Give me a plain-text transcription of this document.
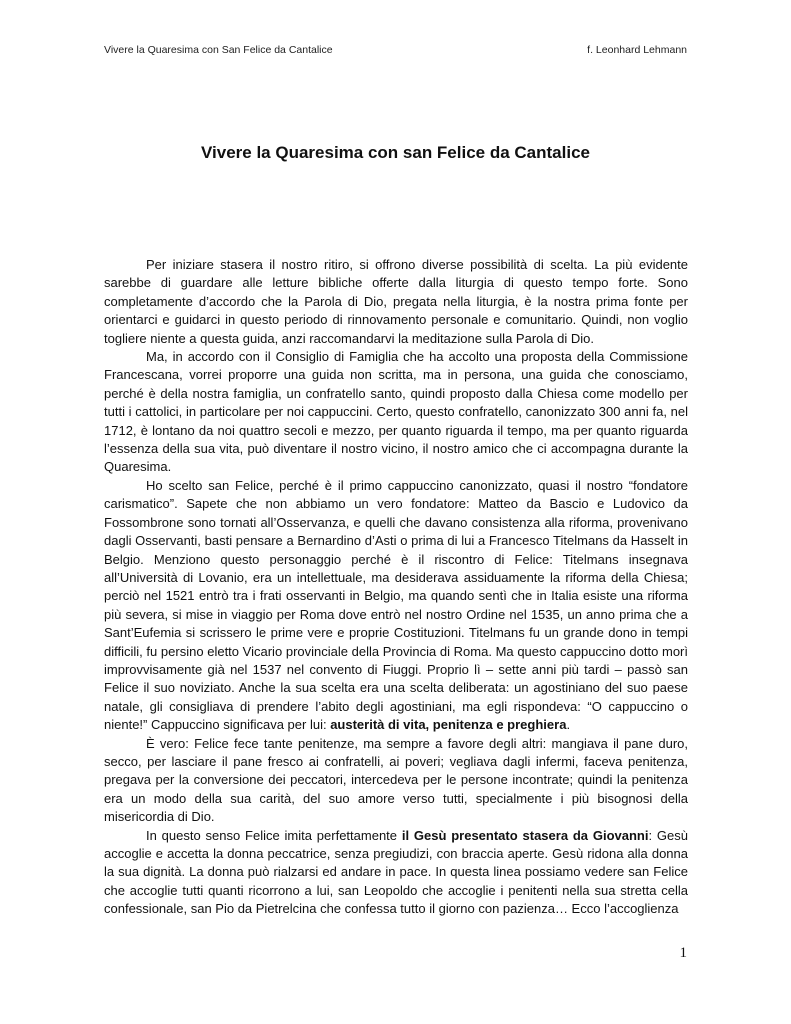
Vivere la Quaresima con San Felice da Cantalice	f. Leonhard Lehmann
Vivere la Quaresima con san Felice da Cantalice

Per iniziare stasera il nostro ritiro, si offrono diverse possibilità di scelta. La più evidente sarebbe di guardare alle letture bibliche offerte dalla liturgia di questo tempo forte. Sono completamente d’accordo che la Parola di Dio, pregata nella liturgia, è la nostra prima fonte per orientarci e guidarci in questo periodo di rinnovamento personale e comunitario. Quindi, non voglio togliere niente a questa guida, anzi raccomandarvi la meditazione sulla Parola di Dio.

Ma, in accordo con il Consiglio di Famiglia che ha accolto una proposta della Commissione Francescana, vorrei proporre una guida non scritta, ma in persona, una guida che conosciamo, perché è della nostra famiglia, un confratello santo, quindi proposto dalla Chiesa come modello per tutti i cattolici, in particolare per noi cappuccini. Certo, questo confratello, canonizzato 300 anni fa, nel 1712, è lontano da noi quattro secoli e mezzo, per quanto riguarda il tempo, ma per quanto riguarda l’essenza della sua vita, può diventare il nostro vicino, il nostro amico che ci accompagna durante la Quaresima.

Ho scelto san Felice, perché è il primo cappuccino canonizzato, quasi il nostro “fondatore carismatico”. Sapete che non abbiamo un vero fondatore: Matteo da Bascio e Ludovico da Fossombrone sono tornati all’Osservanza, e quelli che davano consistenza alla riforma, provenivano dagli Osservanti, basti pensare a Bernardino d’Asti o prima di lui a Francesco Titelmans da Hasselt in Belgio. Menziono questo personaggio perché è il riscontro di Felice: Titelmans insegnava all’Università di Lovanio, era un intellettuale, ma desiderava assiduamente la riforma della Chiesa; perciò nel 1521 entrò tra i frati osservanti in Belgio, ma quando sentì che in Italia esiste una riforma più severa, si mise in viaggio per Roma dove entrò nel nostro Ordine nel 1535, un anno prima che a Sant’Eufemia si scrissero le prime vere e proprie Costituzioni. Titelmans fu un grande dono in tempi difficili, fu persino eletto Vicario provinciale della Provincia di Roma. Ma questo cappuccino dotto morì improvvisamente già nel 1537 nel convento di Fiuggi. Proprio lì – sette anni più tardi – passò san Felice il suo noviziato. Anche la sua scelta era una scelta deliberata: un agostiniano del suo paese natale, gli consigliava di prendere l’abito degli agostiniani, ma egli rispondeva: “O cappuccino o niente!” Cappuccino significava per lui: austerità di vita, penitenza e preghiera.

È vero: Felice fece tante penitenze, ma sempre a favore degli altri: mangiava il pane duro, secco, per lasciare il pane fresco ai confratelli, ai poveri; vegliava dagli infermi, faceva penitenza, pregava per la conversione dei peccatori, intercedeva per le persone incontrate; quindi la penitenza era un modo della sua carità, del suo amore verso tutti, specialmente i più bisognosi della misericordia di Dio.

In questo senso Felice imita perfettamente il Gesù presentato stasera da Giovanni: Gesù accoglie e accetta la donna peccatrice, senza pregiudizi, con braccia aperte. Gesù ridona alla donna la sua dignità. La donna può rialzarsi ed andare in pace. In questa linea possiamo vedere san Felice che accoglie tutti quanti ricorrono a lui, san Leopoldo che accoglie i penitenti nella sua stretta cella confessionale, san Pio da Pietrelcina che confessa tutto il giorno con pazienza… Ecco l’accoglienza

1
